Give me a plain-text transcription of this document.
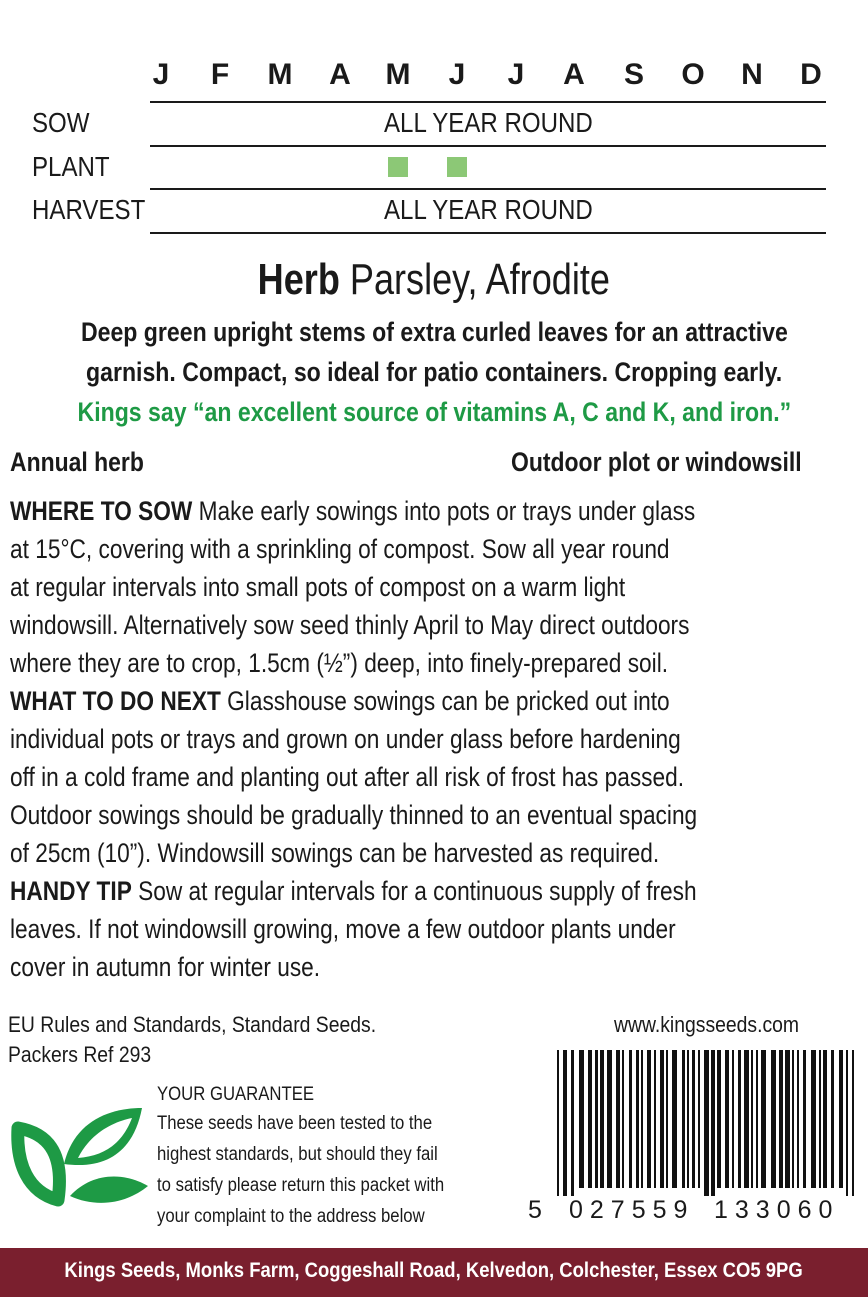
J	F	M	A	M	J	J	A	S	O	N	D
SOW	ALL YEAR ROUND
PLANT
HARVEST	ALL YEAR ROUND
Herb Parsley, Afrodite
Deep green upright stems of extra curled leaves for an attractive
garnish. Compact, so ideal for patio containers. Cropping early.
Kings say “an excellent source of vitamins A, C and K, and iron.”
Annual herb	Outdoor plot or windowsill
WHERE TO SOW Make early sowings into pots or trays under glass
at 15°C, covering with a sprinkling of compost. Sow all year round
at regular intervals into small pots of compost on a warm light
windowsill. Alternatively sow seed thinly April to May direct outdoors
where they are to crop, 1.5cm (½”) deep, into finely-prepared soil.
WHAT TO DO NEXT Glasshouse sowings can be pricked out into
individual pots or trays and grown on under glass before hardening
off in a cold frame and planting out after all risk of frost has passed.
Outdoor sowings should be gradually thinned to an eventual spacing
of 25cm (10”). Windowsill sowings can be harvested as required.
HANDY TIP Sow at regular intervals for a continuous supply of fresh
leaves. If not windowsill growing, move a few outdoor plants under
cover in autumn for winter use.
EU Rules and Standards, Standard Seeds.
Packers Ref 293
www.kingsseeds.com
YOUR GUARANTEE
These seeds have been tested to the
highest standards, but should they fail
to satisfy please return this packet with
your complaint to the address below	5 027559 133060
Kings Seeds, Monks Farm, Coggeshall Road, Kelvedon, Colchester, Essex CO5 9PG
